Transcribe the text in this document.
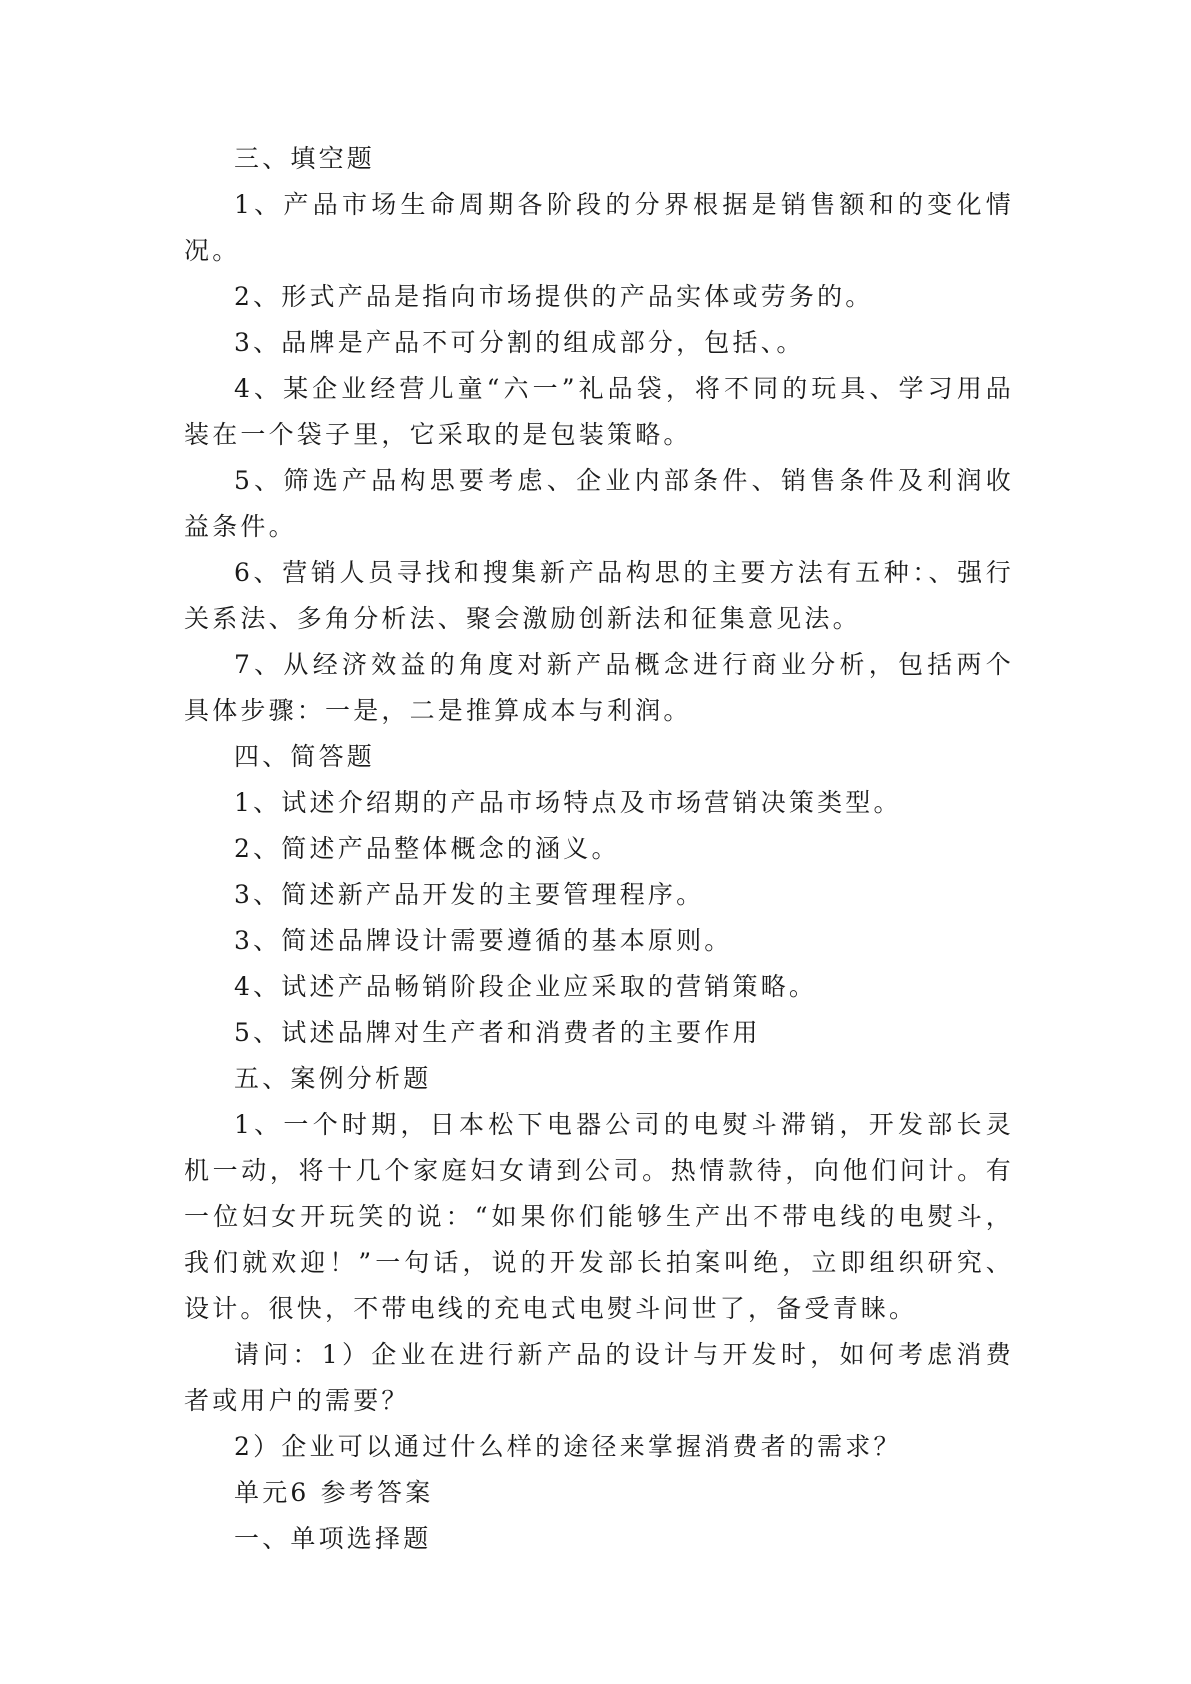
三、填空题

1、产品市场生命周期各阶段的分界根据是销售额和的变化情况。

2、形式产品是指向市场提供的产品实体或劳务的。

3、品牌是产品不可分割的组成部分，包括、。

4、某企业经营儿童“六一”礼品袋，将不同的玩具、学习用品装在一个袋子里，它采取的是包装策略。

5、筛选产品构思要考虑、企业内部条件、销售条件及利润收益条件。

6、营销人员寻找和搜集新产品构思的主要方法有五种：、强行关系法、多角分析法、聚会激励创新法和征集意见法。

7、从经济效益的角度对新产品概念进行商业分析，包括两个具体步骤：一是，二是推算成本与利润。

四、简答题

1、试述介绍期的产品市场特点及市场营销决策类型。

2、简述产品整体概念的涵义。

3、简述新产品开发的主要管理程序。

3、简述品牌设计需要遵循的基本原则。

4、试述产品畅销阶段企业应采取的营销策略。

5、试述品牌对生产者和消费者的主要作用

五、案例分析题

1、一个时期，日本松下电器公司的电熨斗滞销，开发部长灵机一动，将十几个家庭妇女请到公司。热情款待，向他们问计。有一位妇女开玩笑的说：“如果你们能够生产出不带电线的电熨斗，我们就欢迎！”一句话，说的开发部长拍案叫绝，立即组织研究、设计。很快，不带电线的充电式电熨斗问世了，备受青睐。

请问：1）企业在进行新产品的设计与开发时，如何考虑消费者或用户的需要？

2）企业可以通过什么样的途径来掌握消费者的需求？

单元6 参考答案

一、单项选择题
